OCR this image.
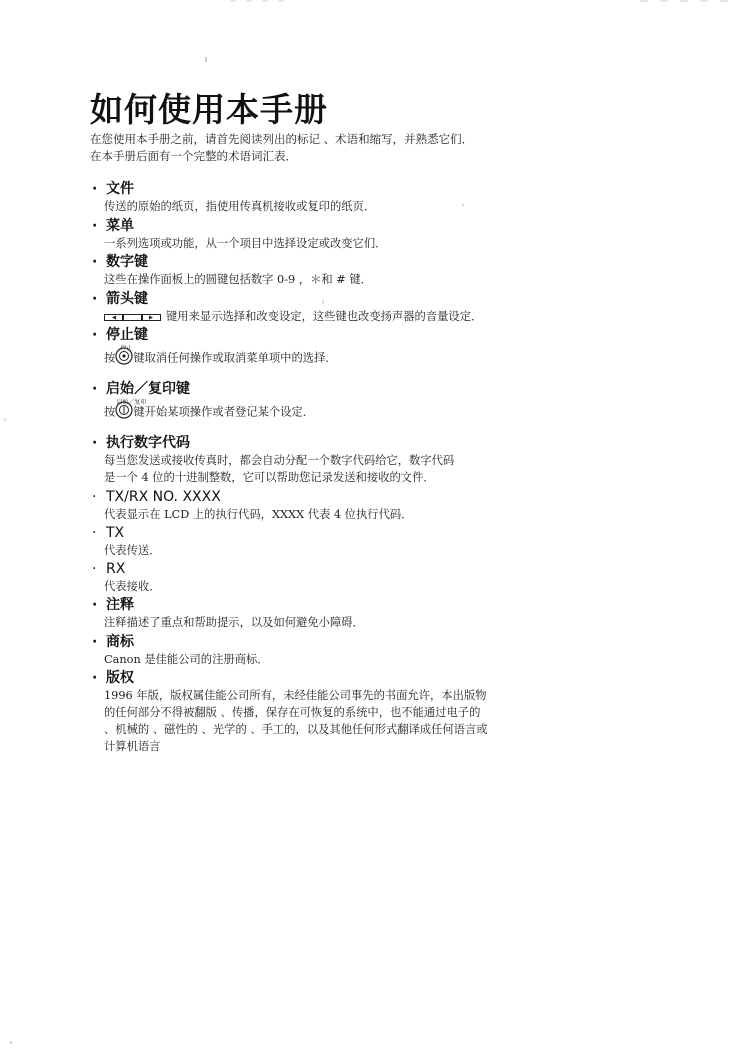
如何使用本手册
在您使用本手册之前，请首先阅读列出的标记 、术语和缩写，并熟悉它们．
在本手册后面有一个完整的术语词汇表．
· 文件
传送的原始的纸页，指使用传真机接收或复印的纸页．
· 菜单
一系列选项或功能，从一个项目中选择设定或改变它们．
· 数字键
这些在操作面板上的圆键包括数字 0-9 ，＊和 # 键．
· 箭头键
键用来显示选择和改变设定，这些键也改变扬声器的音量设定．
· 停止键
按
停止
键取消任何操作或取消菜单项中的选择．
· 启始／复印键
按
启始／复印
键开始某项操作或者登记某个设定．
· 执行数字代码
每当您发送或接收传真时，都会自动分配一个数字代码给它，数字代码
是一个 4 位的十进制整数，它可以帮助您记录发送和接收的文件．
· TX/RX NO. XXXX
代表显示在 LCD 上的执行代码，XXXX 代表 4 位执行代码．
· TX
代表传送．
· RX
代表接收．
· 注释
注释描述了重点和帮助提示，以及如何避免小障碍．
· 商标
Canon 是佳能公司的注册商标．
· 版权
1996 年版，版权属佳能公司所有，未经佳能公司事先的书面允许，本出版物
的任何部分不得被翻版 、传播，保存在可恢复的系统中，也不能通过电子的
、机械的 、磁性的 、光学的 、手工的，以及其他任何形式翻译成任何语言或
计算机语言
